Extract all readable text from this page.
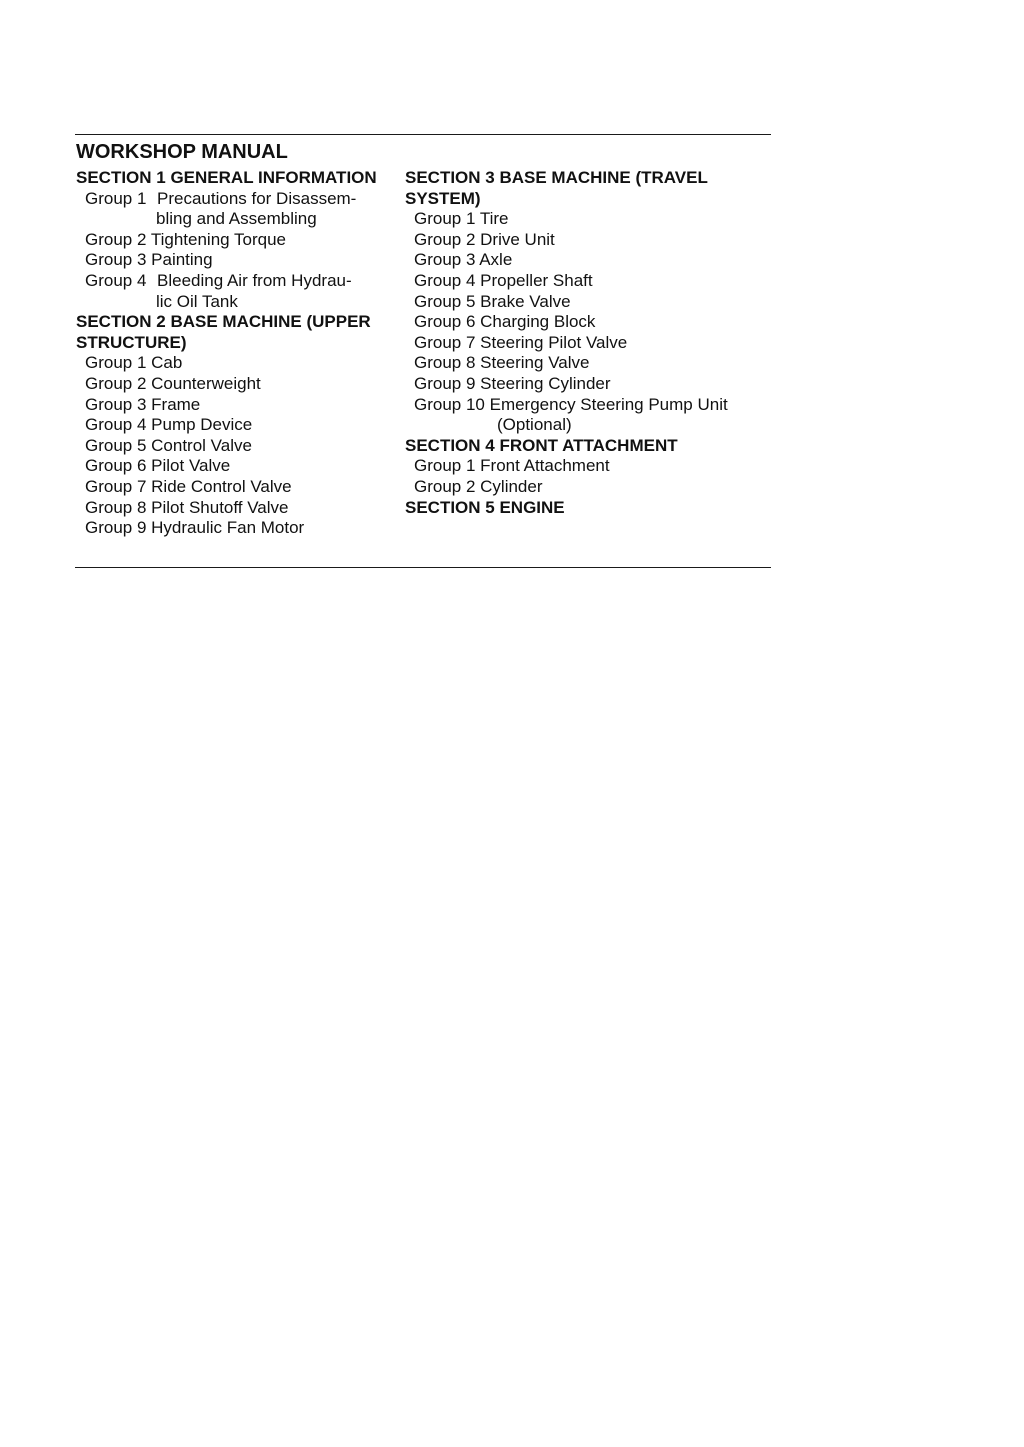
WORKSHOP MANUAL
SECTION 1 GENERAL INFORMATION
Group 1 Precautions for Disassem-
bling and Assembling
Group 2 Tightening Torque
Group 3 Painting
Group 4 Bleeding Air from Hydrau-
lic Oil Tank
SECTION 2 BASE MACHINE (UPPER
STRUCTURE)
Group 1 Cab
Group 2 Counterweight
Group 3 Frame
Group 4 Pump Device
Group 5 Control Valve
Group 6 Pilot Valve
Group 7 Ride Control Valve
Group 8 Pilot Shutoff Valve
Group 9 Hydraulic Fan Motor
SECTION 3 BASE MACHINE (TRAVEL
SYSTEM)
Group 1 Tire
Group 2 Drive Unit
Group 3 Axle
Group 4 Propeller Shaft
Group 5 Brake Valve
Group 6 Charging Block
Group 7 Steering Pilot Valve
Group 8 Steering Valve
Group 9 Steering Cylinder
Group 10 Emergency Steering Pump Unit
(Optional)
SECTION 4 FRONT ATTACHMENT
Group 1 Front Attachment
Group 2 Cylinder
SECTION 5 ENGINE
